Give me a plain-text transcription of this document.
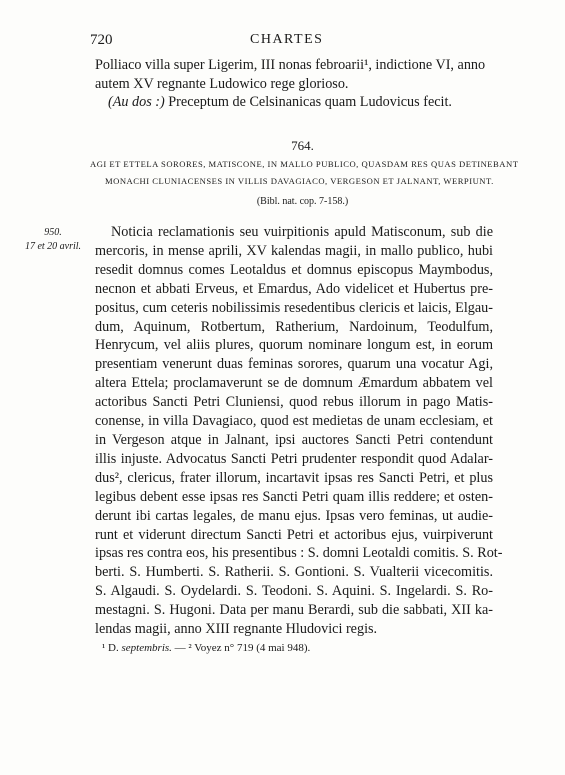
720	CHARTES
Polliaco villa super Ligerim, III nonas febroarii¹, indictione VI, anno
autem XV regnante Ludowico rege glorioso.
(Au dos :) Preceptum de Celsinanicas quam Ludovicus fecit.
764.
AGI ET ETTELA SORORES, MATISCONE, IN MALLO PUBLICO, QUASDAM RES QUAS DETINEBANT
MONACHI CLUNIACENSES IN VILLIS DAVAGIACO, VERGESON ET JALNANT, WERPIUNT.
(Bibl. nat. cop. 7-158.)
950.
17 et 20 avril.
Noticia reclamationis seu vuirpitionis apuld Matisconum, sub die
mercoris, in mense aprili, XV kalendas magii, in mallo publico, hubi
resedit domnus comes Leotaldus et domnus episcopus Maymbodus,
necnon et abbati Erveus, et Emardus, Ado videlicet et Hubertus pre-
positus, cum ceteris nobilissimis resedentibus clericis et laicis, Elgau-
dum, Aquinum, Rotbertum, Ratherium, Nardoinum, Teodulfum,
Henrycum, vel aliis plures, quorum nominare longum est, in eorum
presentiam venerunt duas feminas sorores, quarum una vocatur Agi,
altera Ettela; proclamaverunt se de domnum Æmardum abbatem vel
actoribus Sancti Petri Cluniensi, quod rebus illorum in pago Matis-
conense, in villa Davagiaco, quod est medietas de unam ecclesiam, et
in Vergeson atque in Jalnant, ipsi auctores Sancti Petri contendunt
illis injuste. Advocatus Sancti Petri prudenter respondit quod Adalar-
dus², clericus, frater illorum, incartavit ipsas res Sancti Petri, et plus
legibus debent esse ipsas res Sancti Petri quam illis reddere; et osten-
derunt ibi cartas legales, de manu ejus. Ipsas vero feminas, ut audie-
runt et viderunt directum Sancti Petri et actoribus ejus, vuirpiverunt
ipsas res contra eos, his presentibus : S. domni Leotaldi comitis. S. Rot-
berti. S. Humberti. S. Ratherii. S. Gontioni. S. Vualterii vicecomitis.
S. Algaudi. S. Oydelardi. S. Teodoni. S. Aquini. S. Ingelardi. S. Ro-
mestagni. S. Hugoni. Data per manu Berardi, sub die sabbati, XII ka-
lendas magii, anno XIII regnante Hludovici regis.
¹ D. septembris. — ² Voyez n° 719 (4 mai 948).
